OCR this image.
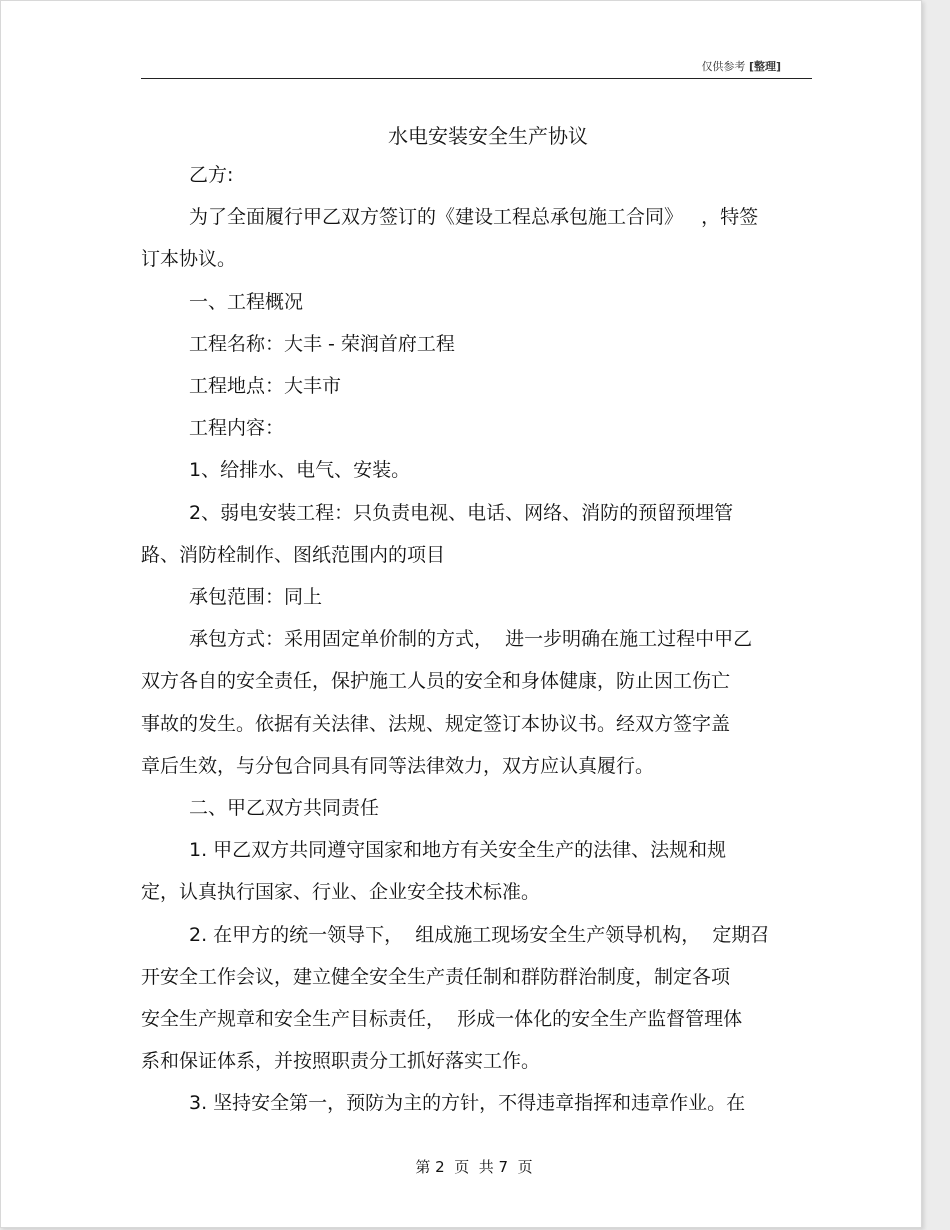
仅供参考 [整理]
水电安装安全生产协议
乙方:
为了全面履行甲乙双方签订的《建设工程总承包施工合同》   ，特签
订本协议。
一、工程概况
工程名称：大丰 - 荣润首府工程
工程地点：大丰市
工程内容：
1、给排水、电气、安装。
2、弱电安装工程：只负责电视、电话、网络、消防的预留预埋管
路、消防栓制作、图纸范围内的项目
承包范围：同上
承包方式：采用固定单价制的方式，  进一步明确在施工过程中甲乙
双方各自的安全责任，保护施工人员的安全和身体健康，防止因工伤亡
事故的发生。依据有关法律、法规、规定签订本协议书。经双方签字盖
章后生效，与分包合同具有同等法律效力，双方应认真履行。
二、甲乙双方共同责任
1. 甲乙双方共同遵守国家和地方有关安全生产的法律、法规和规
定，认真执行国家、行业、企业安全技术标准。
2. 在甲方的统一领导下，  组成施工现场安全生产领导机构，  定期召
开安全工作会议，建立健全安全生产责任制和群防群治制度，制定各项
安全生产规章和安全生产目标责任，  形成一体化的安全生产监督管理体
系和保证体系，并按照职责分工抓好落实工作。
3. 坚持安全第一，预防为主的方针，不得违章指挥和违章作业。在
第 2  页  共 7  页
